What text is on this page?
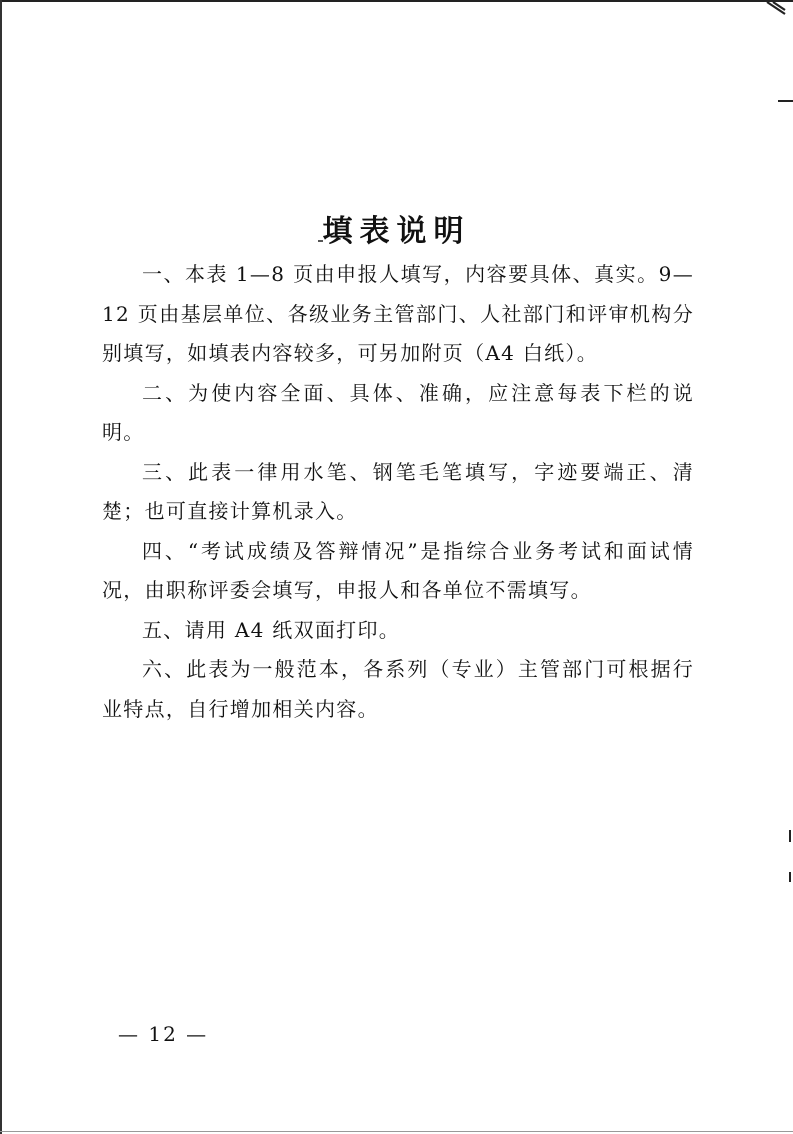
填表说明

一、本表 1—8 页由申报人填写，内容要具体、真实。9—12 页由基层单位、各级业务主管部门、人社部门和评审机构分别填写，如填表内容较多，可另加附页（A4 白纸）。

二、为使内容全面、具体、准确，应注意每表下栏的说明。

三、此表一律用水笔、钢笔毛笔填写，字迹要端正、清楚；也可直接计算机录入。

四、“考试成绩及答辩情况”是指综合业务考试和面试情况，由职称评委会填写，申报人和各单位不需填写。

五、请用 A4 纸双面打印。

六、此表为一般范本，各系列（专业）主管部门可根据行业特点，自行增加相关内容。

— 12 —
